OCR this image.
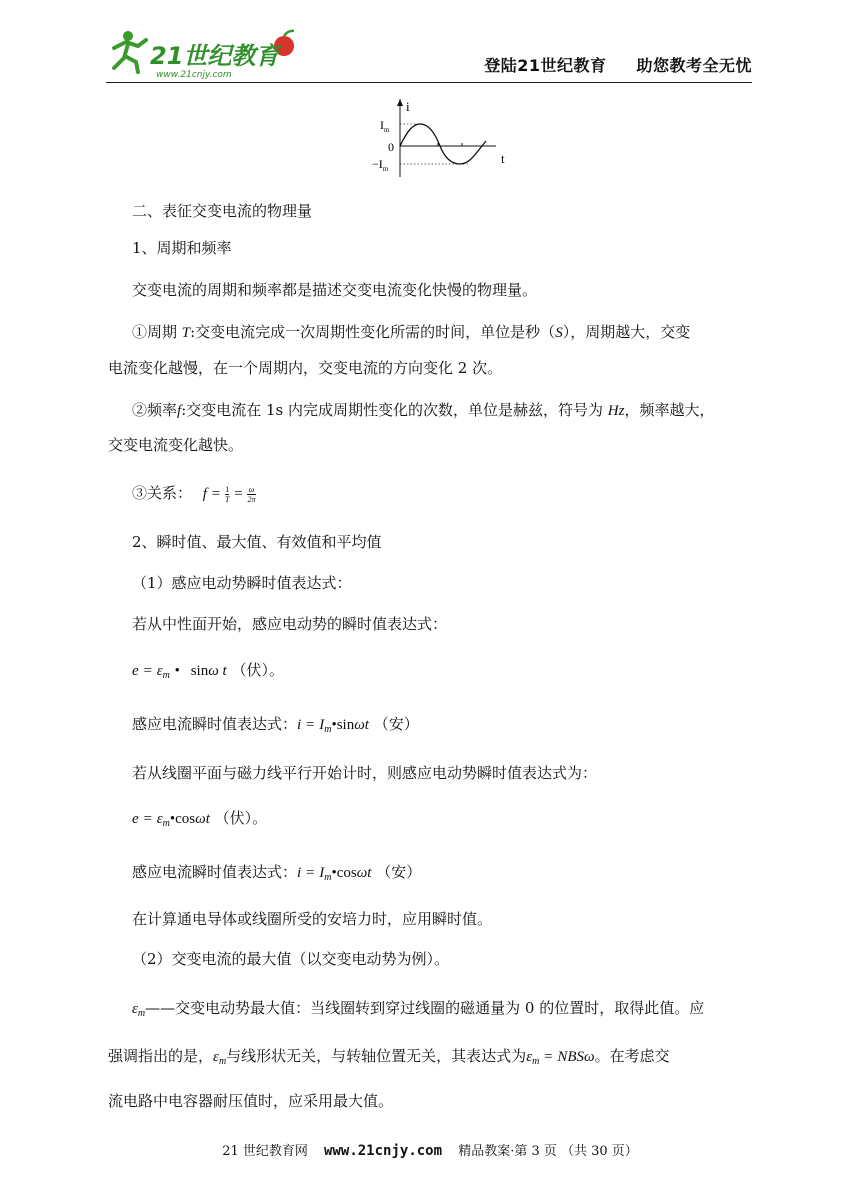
21世纪教育
www.21cnjy.com	登陆21世纪教育 助您教考全无忧
i
t
$I_m$
0
$-I_m$
二、表征交变电流的物理量
1、周期和频率
交变电流的周期和频率都是描述交变电流变化快慢的物理量。
①周期 T:交变电流完成一次周期性变化所需的时间，单位是秒（S），周期越大，交变
电流变化越慢，在一个周期内，交变电流的方向变化 2 次。
②频率f:交变电流在 1s 内完成周期性变化的次数，单位是赫兹，符号为 Hz，频率越大，
交变电流变化越快。
③关系： f = 1

T = ω

2π
2、瞬时值、最大值、有效值和平均值
（1）感应电动势瞬时值表达式：
若从中性面开始，感应电动势的瞬时值表达式：
$e = \varepsilon_m$ • sinω t （伏）。
感应电流瞬时值表达式：$i = I_m•\sin\omega t$ （安）
若从线圈平面与磁力线平行开始计时，则感应电动势瞬时值表达式为：
$e = \varepsilon_m•\cos\omega t$ （伏）。
感应电流瞬时值表达式：$i = I_m•\cos\omega t$ （安）
在计算通电导体或线圈所受的安培力时，应用瞬时值。
（2）交变电流的最大值（以交变电动势为例）。
$\varepsilon_m——$交变电动势最大值：当线圈转到穿过线圈的磁通量为 0 的位置时，取得此值。应
强调指出的是，$\varepsilon_m$与线形状无关，与转轴位置无关，其表达式为$\varepsilon_m = NBS\omega$。在考虑交
流电路中电容器耐压值时，应采用最大值。
21 世纪教育网 www.21cnjy.com 精品教案·第 3 页 （共 30 页）
